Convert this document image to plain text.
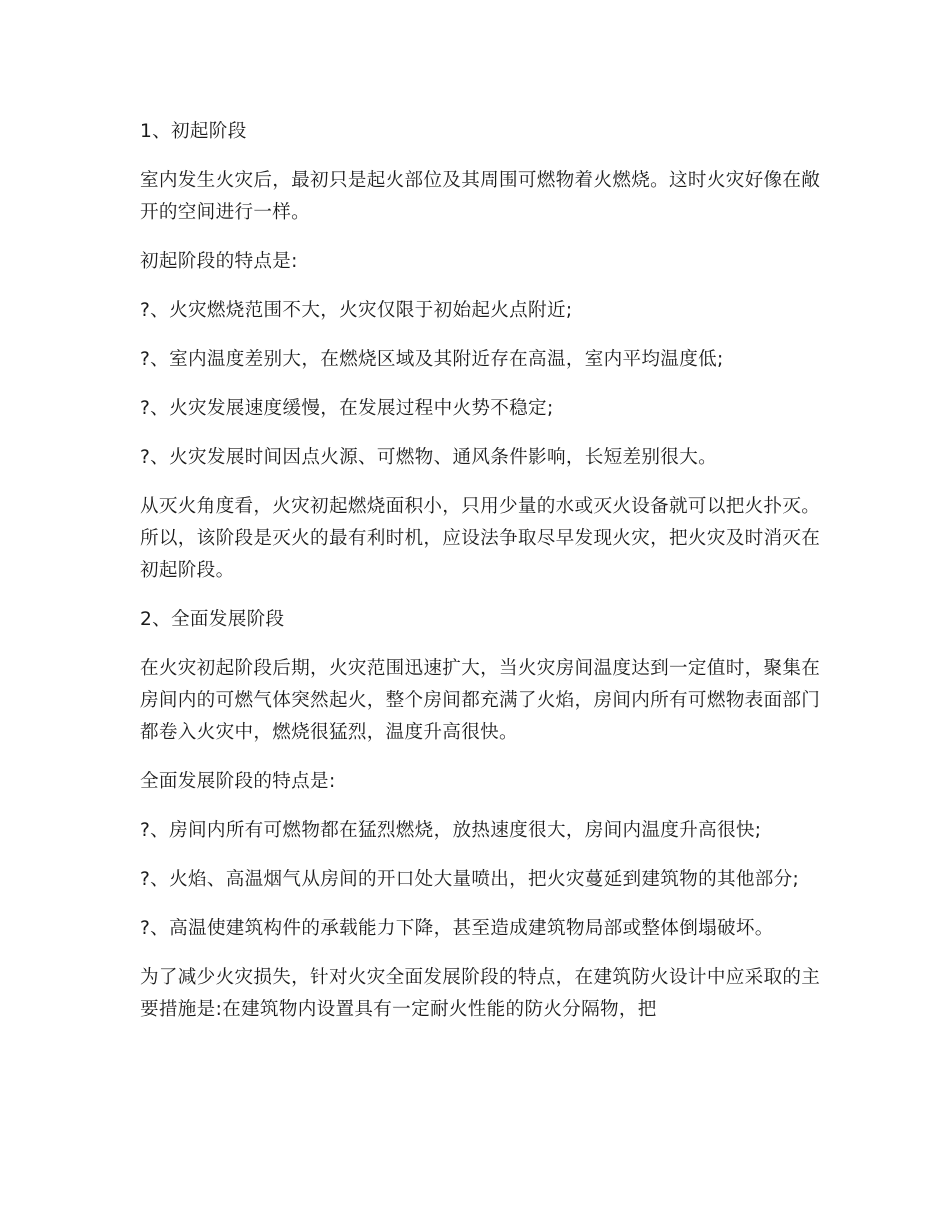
1、初起阶段

室内发生火灾后，最初只是起火部位及其周围可燃物着火燃烧。这时火灾好像在敞开的空间进行一样。

初起阶段的特点是:

?、火灾燃烧范围不大，火灾仅限于初始起火点附近;

?、室内温度差别大，在燃烧区域及其附近存在高温，室内平均温度低;

?、火灾发展速度缓慢，在发展过程中火势不稳定;

?、火灾发展时间因点火源、可燃物、通风条件影响，长短差别很大。

从灭火角度看，火灾初起燃烧面积小，只用少量的水或灭火设备就可以把火扑灭。所以，该阶段是灭火的最有利时机，应设法争取尽早发现火灾，把火灾及时消灭在初起阶段。

2、全面发展阶段

在火灾初起阶段后期，火灾范围迅速扩大，当火灾房间温度达到一定值时，聚集在房间内的可燃气体突然起火，整个房间都充满了火焰，房间内所有可燃物表面部门都卷入火灾中，燃烧很猛烈，温度升高很快。

全面发展阶段的特点是:

?、房间内所有可燃物都在猛烈燃烧，放热速度很大，房间内温度升高很快;

?、火焰、高温烟气从房间的开口处大量喷出，把火灾蔓延到建筑物的其他部分;

?、高温使建筑构件的承载能力下降，甚至造成建筑物局部或整体倒塌破坏。

为了减少火灾损失，针对火灾全面发展阶段的特点，在建筑防火设计中应采取的主要措施是:在建筑物内设置具有一定耐火性能的防火分隔物，把
